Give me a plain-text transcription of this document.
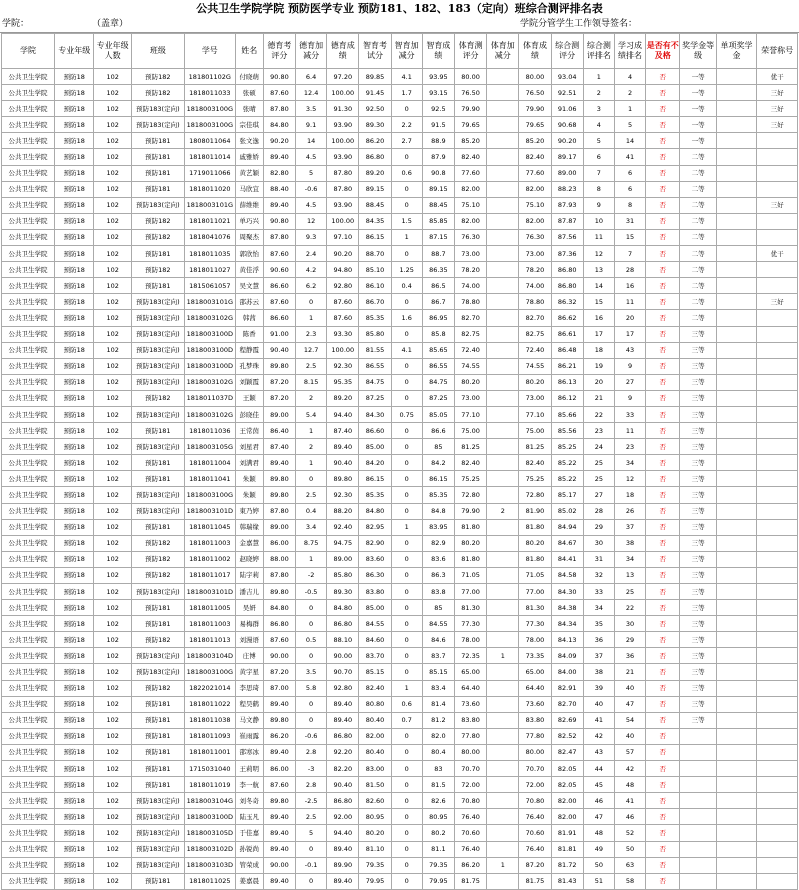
公共卫生学院学院 预防医学专业 预防181、182、183（定向）班综合测评排名表
学院：	（盖章）	学院分管学生工作领导签名：
学院	专业年级	专业年级人数	班级	学号	姓名	德育考评分	德育加减分	德育成绩	智育考试分	智育加减分	智育成绩	体育测评分	体育加减分	体育成绩	综合测评分	综合测评排名	学习成绩排名	是否有不及格	奖学金等级	单项奖学金	荣誉称号
公共卫生学院	预防18	102	预防182	181801102G	付晓萌	90.80	6.4	97.20	89.85	4.1	93.95	80.00		80.00	93.04	1	4	否	一等		优干
公共卫生学院	预防18	102	预防182	1818011033	张硕	87.60	12.4	100.00	91.45	1.7	93.15	76.50		76.50	92.51	2	2	否	一等		三好
公共卫生学院	预防18	102	预防183(定向)	1818003100G	张晴	87.80	3.5	91.30	92.50	0	92.5	79.90		79.90	91.06	3	1	否	一等		三好
公共卫生学院	预防18	102	预防183(定向)	1818003100G	宗佳琪	84.80	9.1	93.90	89.30	2.2	91.5	79.65		79.65	90.68	4	5	否	一等		三好
公共卫生学院	预防18	102	预防181	1808011064	张文逸	90.20	14	100.00	86.20	2.7	88.9	85.20		85.20	90.20	5	14	否	一等		
公共卫生学院	预防18	102	预防181	1818011014	戚雅娇	89.40	4.5	93.90	86.80	0	87.9	82.40		82.40	89.17	6	41	否	二等		
公共卫生学院	预防18	102	预防181	1719011066	黄艺颖	82.80	5	87.80	89.20	0.6	90.8	77.60		77.60	89.00	7	6	否	二等		
公共卫生学院	预防18	102	预防181	1818011020	马欣宜	88.40	-0.6	87.80	89.15	0	89.15	82.00		82.00	88.23	8	6	否	二等		
公共卫生学院	预防18	102	预防183(定向)	1818003101G	薛维维	89.40	4.5	93.90	88.45	0	88.45	75.10		75.10	87.93	9	8	否	二等		三好
公共卫生学院	预防18	102	预防182	1818011021	单巧兴	90.80	12	100.00	84.35	1.5	85.85	82.00		82.00	87.87	10	31	否	二等		
公共卫生学院	预防18	102	预防182	1818041076	周聚杰	87.80	9.3	97.10	86.15	1	87.15	76.30		76.30	87.56	11	15	否	二等		
公共卫生学院	预防18	102	预防181	1818011035	郭欣怡	87.60	2.4	90.20	88.70	0	88.7	73.00		73.00	87.36	12	7	否	二等		优干
公共卫生学院	预防18	102	预防182	1818011027	黄佳浮	90.60	4.2	94.80	85.10	1.25	86.35	78.20		78.20	86.80	13	28	否	二等		
公共卫生学院	预防18	102	预防181	1815061057	吴文慧	86.60	6.2	92.80	86.10	0.4	86.5	74.00		74.00	86.80	14	16	否	二等		
公共卫生学院	预防18	102	预防183(定向)	1818003101G	邵苏云	87.60	0	87.60	86.70	0	86.7	78.80		78.80	86.32	15	11	否	二等		三好
公共卫生学院	预防18	102	预防183(定向)	1818003102G	韩茜	86.60	1	87.60	85.35	1.6	86.95	82.70		82.70	86.62	16	20	否	二等		
公共卫生学院	预防18	102	预防183(定向)	1818003100D	陈香	91.00	2.3	93.30	85.80	0	85.8	82.75		82.75	86.61	17	17	否	三等		
公共卫生学院	预防18	102	预防183(定向)	1818003100D	程静霞	90.40	12.7	100.00	81.55	4.1	85.65	72.40		72.40	86.48	18	43	否	三等		
公共卫生学院	预防18	102	预防183(定向)	1818003100D	孔梦珠	89.80	2.5	92.30	86.55	0	86.55	74.55		74.55	86.21	19	9	否	三等		
公共卫生学院	预防18	102	预防183(定向)	1818003102G	刘颖霞	87.20	8.15	95.35	84.75	0	84.75	80.20		80.20	86.13	20	27	否	三等		
公共卫生学院	预防18	102	预防182	1818011037D	王颖	87.20	2	89.20	87.25	0	87.25	73.00		73.00	86.12	21	9	否	三等		
公共卫生学院	预防18	102	预防183(定向)	1818003102G	彭晓佳	89.00	5.4	94.40	84.30	0.75	85.05	77.10		77.10	85.66	22	33	否	三等		
公共卫生学院	预防18	102	预防181	1818011036	王常茵	86.40	1	87.40	86.60	0	86.6	75.00		75.00	85.56	23	11	否	三等		
公共卫生学院	预防18	102	预防183(定向)	1818003105G	刘星君	87.40	2	89.40	85.00	0	85	81.25		81.25	85.25	24	23	否	三等		
公共卫生学院	预防18	102	预防181	1818011004	刘满君	89.40	1	90.40	84.20	0	84.2	82.40		82.40	85.22	25	34	否	三等		
公共卫生学院	预防18	102	预防181	1818011041	朱颖	89.80	0	89.80	86.15	0	86.15	75.25		75.25	85.22	25	12	否	三等		
公共卫生学院	预防18	102	预防183(定向)	1818003100G	朱颖	89.80	2.5	92.30	85.35	0	85.35	72.80		72.80	85.17	27	18	否	三等		
公共卫生学院	预防18	102	预防183(定向)	1818003101D	東乃婷	87.80	0.4	88.20	84.80	0	84.8	79.90	2	81.90	85.02	28	26	否	三等		
公共卫生学院	预防18	102	预防181	1818011045	韩瑞缘	89.00	3.4	92.40	82.95	1	83.95	81.80		81.80	84.94	29	37	否	三等		
公共卫生学院	预防18	102	预防182	1818011003	金嘉慧	86.00	8.75	94.75	82.90	0	82.9	80.20		80.20	84.67	30	38	否	三等		
公共卫生学院	预防18	102	预防182	1818011002	赵晓婷	88.00	1	89.00	83.60	0	83.6	81.80		81.80	84.41	31	34	否	三等		
公共卫生学院	预防18	102	预防182	1818011017	陆宇莉	87.80	-2	85.80	86.30	0	86.3	71.05		71.05	84.58	32	13	否	三等		
公共卫生学院	预防18	102	预防183(定向)	1818003101D	潘吉儿	89.80	-0.5	89.30	83.80	0	83.8	77.00		77.00	84.30	33	25	否	三等		
公共卫生学院	预防18	102	预防181	1818011005	吴妍	84.80	0	84.80	85.00	0	85	81.30		81.30	84.38	34	22	否	三等		
公共卫生学院	预防18	102	预防181	1818011003	易梅群	86.80	0	86.80	84.55	0	84.55	77.30		77.30	84.34	35	30	否	三等		
公共卫生学院	预防18	102	预防182	1818011013	刘漫语	87.60	0.5	88.10	84.60	0	84.6	78.00		78.00	84.13	36	29	否	三等		
公共卫生学院	预防18	102	预防183(定向)	1818003104D	庄博	90.00	0	90.00	83.70	0	83.7	72.35	1	73.35	84.09	37	36	否	三等		
公共卫生学院	预防18	102	预防183(定向)	1818003100G	黄宇星	87.20	3.5	90.70	85.15	0	85.15	65.00		65.00	84.00	38	21	否	三等		
公共卫生学院	预防18	102	预防182	1822021014	李思琦	87.00	5.8	92.80	82.40	1	83.4	64.40		64.40	82.91	39	40	否	三等		
公共卫生学院	预防18	102	预防181	1818011022	程昊鹤	89.40	0	89.40	80.80	0.6	81.4	73.60		73.60	82.70	40	47	否	三等		
公共卫生学院	预防18	102	预防181	1818011038	马文静	89.80	0	89.40	80.40	0.7	81.2	83.80		83.80	82.69	41	54	否	三等		
公共卫生学院	预防18	102	预防181	1818011093	崔雨露	86.20	-0.6	86.80	82.00	0	82.0	77.80		77.80	82.52	42	40	否			
公共卫生学院	预防18	102	预防181	1818011001	邵寒冰	89.40	2.8	92.20	80.40	0	80.4	80.00		80.00	82.47	43	57	否			
公共卫生学院	预防18	102	预防181	1715031040	王莉明	86.00	-3	82.20	83.00	0	83	70.70		70.70	82.05	44	42	否			
公共卫生学院	预防18	102	预防181	1818011019	李一航	87.60	2.8	90.40	81.50	0	81.5	72.00		72.00	82.05	45	48	否			
公共卫生学院	预防18	102	预防183(定向)	1818003104G	刘冬奇	89.80	-2.5	86.80	82.60	0	82.6	70.80		70.80	82.00	46	41	否			
公共卫生学院	预防18	102	预防183(定向)	1818003100D	陆玉凡	89.40	2.5	92.00	80.95	0	80.95	76.40		76.40	82.00	47	46	否			
公共卫生学院	预防18	102	预防183(定向)	1818003105D	于佳嘉	89.40	5	94.40	80.20	0	80.2	70.60		70.60	81.91	48	52	否			
公共卫生学院	预防18	102	预防183(定向)	1818003102D	孙锐尚	89.40	0	89.40	81.10	0	81.1	76.40		76.40	81.81	49	50	否			
公共卫生学院	预防18	102	预防183(定向)	1818003103D	管荣成	90.00	-0.1	89.90	79.35	0	79.35	86.20	1	87.20	81.72	50	63	否			
公共卫生学院	预防18	102	预防181	1818011025	姜嘉晨	89.40	0	89.40	79.95	0	79.95	81.75		81.75	81.43	51	58	否			
